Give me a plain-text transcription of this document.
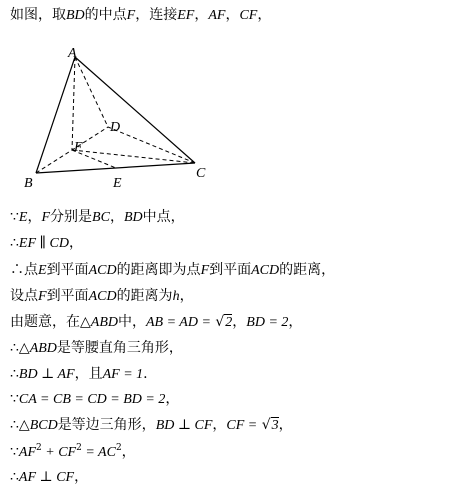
如图，取BD的中点F，连接EF，AF，CF，
A
B
C
D
E
F
∵E，F分别是BC，BD中点，
∴EF ∥ CD，
∴点E到平面ACD的距离即为点F到平面ACD的距离，
设点F到平面ACD的距离为h，
由题意，在△ABD中，AB = AD = √2，BD = 2，
∴△ABD是等腰直角三角形，
∴BD ⊥ AF，且AF = 1.
∵CA = CB = CD = BD = 2，
∴△BCD是等边三角形，BD ⊥ CF，CF = √3，
$\because AF^2 + CF^2 = AC^2$，
∴AF ⊥ CF，
